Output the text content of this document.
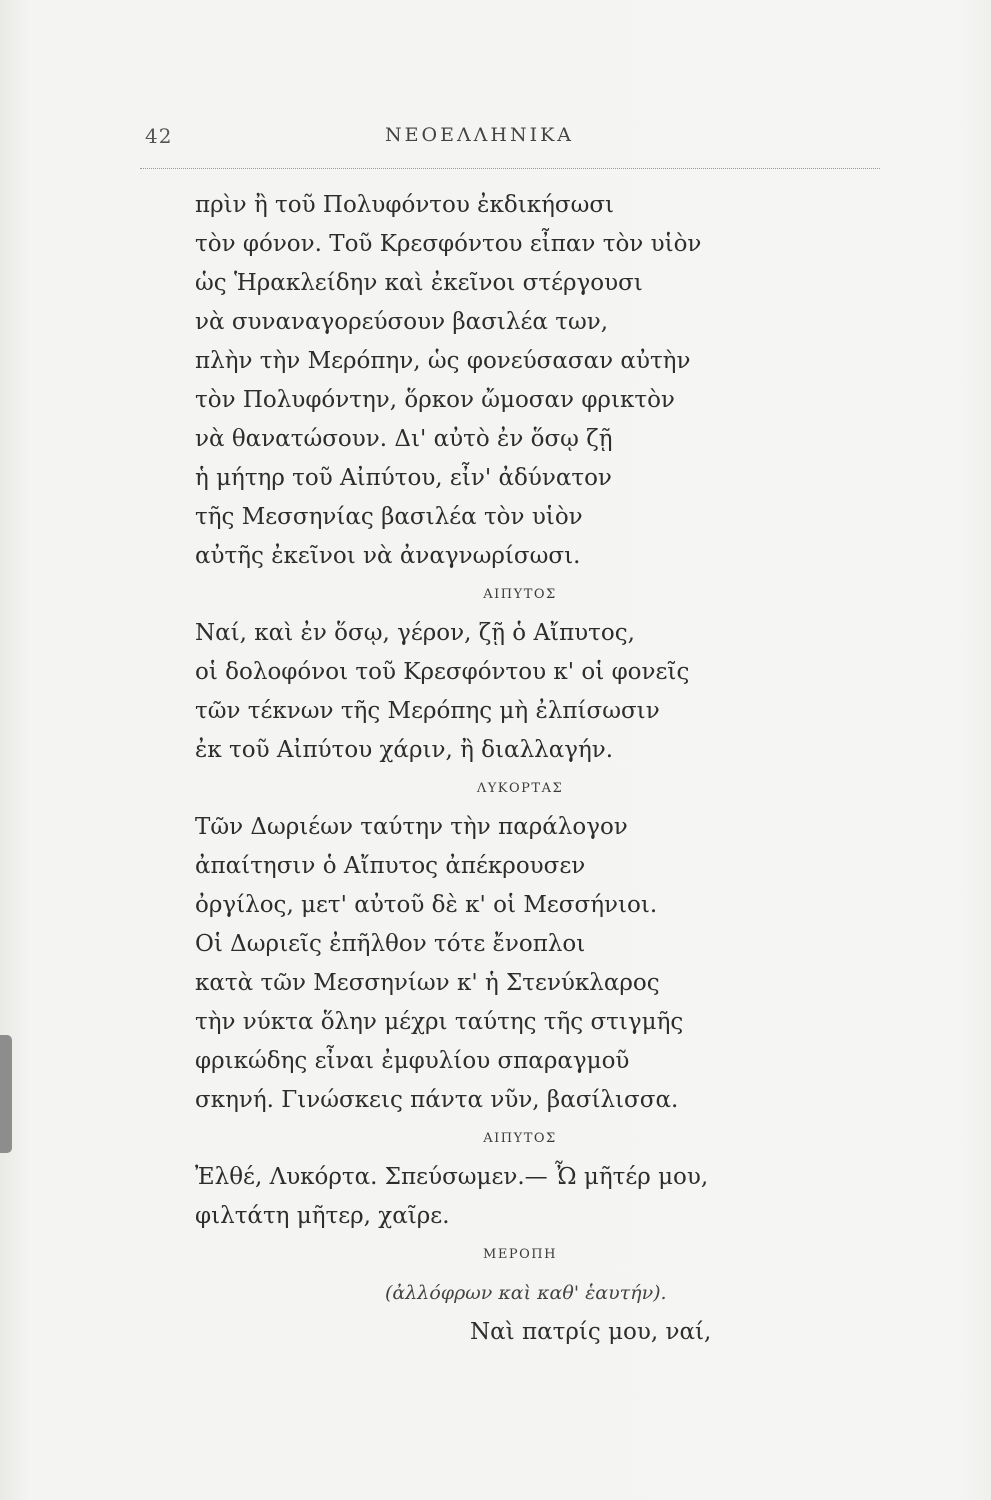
42	ΝΕΟΕΛΛΗΝΙΚΑ
πρὶν ἢ τοῦ Πολυφόντου ἐκδικήσωσι
τὸν φόνον. Τοῦ Κρεσφόντου εἶπαν τὸν υἱὸν
ὡς Ἡρακλείδην καὶ ἐκεῖνοι στέργουσι
νὰ συναναγορεύσουν βασιλέα των,
πλὴν τὴν Μερόπην, ὡς φονεύσασαν αὐτὴν
τὸν Πολυφόντην, ὅρκον ὤμοσαν φρικτὸν
νὰ θανατώσουν. Δι' αὐτὸ ἐν ὅσῳ ζῇ
ἡ μήτηρ τοῦ Αἰπύτου, εἶν' ἀδύνατον
τῆς Μεσσηνίας βασιλέα τὸν υἱὸν
αὐτῆς ἐκεῖνοι νὰ ἀναγνωρίσωσι.
ΑΙΠΥΤΟΣ
Ναί, καὶ ἐν ὅσῳ, γέρον, ζῇ ὁ Αἴπυτος,
οἱ δολοφόνοι τοῦ Κρεσφόντου κ' οἱ φονεῖς
τῶν τέκνων τῆς Μερόπης μὴ ἐλπίσωσιν
ἐκ τοῦ Αἰπύτου χάριν, ἢ διαλλαγήν.
ΛΥΚΟΡΤΑΣ
Τῶν Δωριέων ταύτην τὴν παράλογον
ἀπαίτησιν ὁ Αἴπυτος ἀπέκρουσεν
ὀργίλος, μετ' αὐτοῦ δὲ κ' οἱ Μεσσήνιοι.
Οἱ Δωριεῖς ἐπῆλθον τότε ἔνοπλοι
κατὰ τῶν Μεσσηνίων κ' ἡ Στενύκλαρος
τὴν νύκτα ὅλην μέχρι ταύτης τῆς στιγμῆς
φρικώδης εἶναι ἐμφυλίου σπαραγμοῦ
σκηνή. Γινώσκεις πάντα νῦν, βασίλισσα.
ΑΙΠΥΤΟΣ
Ἐλθέ, Λυκόρτα. Σπεύσωμεν.— Ὦ μῆτέρ μου,
φιλτάτη μῆτερ, χαῖρε.
ΜΕΡΟΠΗ
(ἀλλόφρων καὶ καθ' ἑαυτήν).
Ναὶ πατρίς μου, ναί,
